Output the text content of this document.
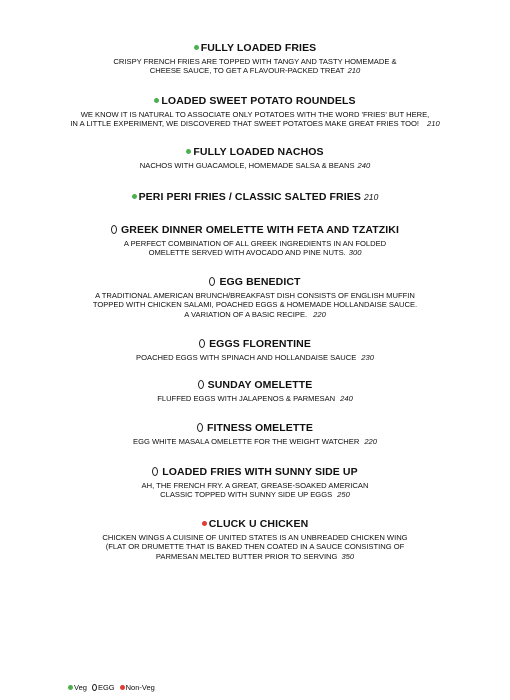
FULLY LOADED FRIES
CRISPY FRENCH FRIES ARE TOPPED WITH TANGY AND TASTY HOMEMADE &
CHEESE SAUCE, TO GET A FLAVOUR-PACKED TREAT 210
LOADED SWEET POTATO ROUNDELS
WE KNOW IT IS NATURAL TO ASSOCIATE ONLY POTATOES WITH THE WORD 'FRIES' BUT HERE,
IN A LITTLE EXPERIMENT, WE DISCOVERED THAT SWEET POTATOES MAKE GREAT FRIES TOO! 210
FULLY LOADED NACHOS
NACHOS WITH GUACAMOLE, HOMEMADE SALSA & BEANS 240
PERI PERI FRIES / CLASSIC SALTED FRIES 210
GREEK DINNER OMELETTE WITH FETA AND TZATZIKI
A PERFECT COMBINATION OF ALL GREEK INGREDIENTS IN AN FOLDED
OMELETTE SERVED WITH AVOCADO AND PINE NUTS. 300
EGG BENEDICT
A TRADITIONAL AMERICAN BRUNCH/BREAKFAST DISH CONSISTS OF ENGLISH MUFFIN
TOPPED WITH CHICKEN SALAMI, POACHED EGGS & HOMEMADE HOLLANDAISE SAUCE.
A VARIATION OF A BASIC RECIPE. 220
EGGS FLORENTINE
POACHED EGGS WITH SPINACH AND HOLLANDAISE SAUCE 230
SUNDAY OMELETTE
FLUFFED EGGS WITH JALAPENOS & PARMESAN 240
FITNESS OMELETTE
EGG WHITE MASALA OMELETTE FOR THE WEIGHT WATCHER 220
LOADED FRIES WITH SUNNY SIDE UP
AH, THE FRENCH FRY. A GREAT, GREASE-SOAKED AMERICAN
CLASSIC TOPPED WITH SUNNY SIDE UP EGGS 250
CLUCK U CHICKEN
CHICKEN WINGS A CUISINE OF UNITED STATES IS AN UNBREADED CHICKEN WING
(FLAT OR DRUMETTE THAT IS BAKED THEN COATED IN A SAUCE CONSISTING OF
PARMESAN MELTED BUTTER PRIOR TO SERVING 350
Veg EGG Non-Veg
